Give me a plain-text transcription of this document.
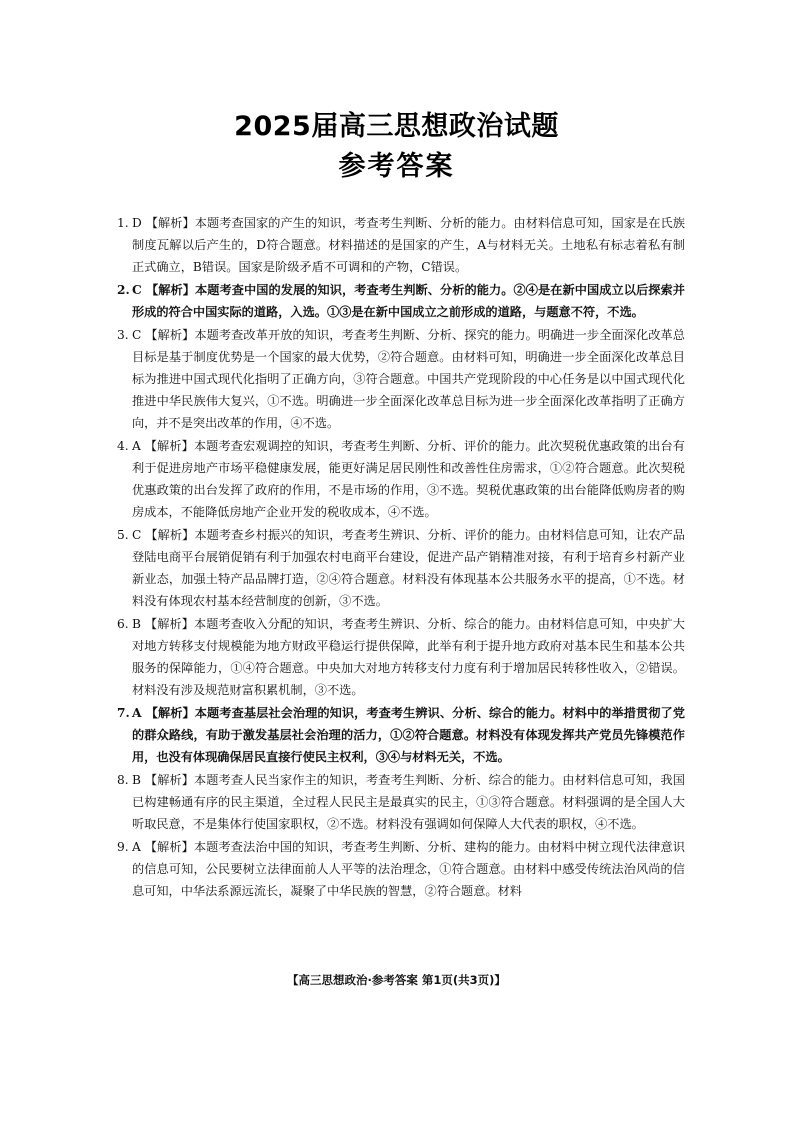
2025届高三思想政治试题
参考答案
1. D 【解析】本题考查国家的产生的知识，考查考生判断、分析的能力。由材料信息可知，国家是在氏族制度瓦解以后产生的，D符合题意。材料描述的是国家的产生，A与材料无关。土地私有标志着私有制正式确立，B错误。国家是阶级矛盾不可调和的产物，C错误。
2. C 【解析】本题考查中国的发展的知识，考查考生判断、分析的能力。②④是在新中国成立以后探索并形成的符合中国实际的道路，入选。①③是在新中国成立之前形成的道路，与题意不符，不选。
3. C 【解析】本题考查改革开放的知识，考查考生判断、分析、探究的能力。明确进一步全面深化改革总目标是基于制度优势是一个国家的最大优势，②符合题意。由材料可知，明确进一步全面深化改革总目标为推进中国式现代化指明了正确方向，③符合题意。中国共产党现阶段的中心任务是以中国式现代化推进中华民族伟大复兴，①不选。明确进一步全面深化改革总目标为进一步全面深化改革指明了正确方向，并不是突出改革的作用，④不选。
4. A 【解析】本题考查宏观调控的知识，考查考生判断、分析、评价的能力。此次契税优惠政策的出台有利于促进房地产市场平稳健康发展，能更好满足居民刚性和改善性住房需求，①②符合题意。此次契税优惠政策的出台发挥了政府的作用，不是市场的作用，③不选。契税优惠政策的出台能降低购房者的购房成本，不能降低房地产企业开发的税收成本，④不选。
5. C 【解析】本题考查乡村振兴的知识，考查考生辨识、分析、评价的能力。由材料信息可知，让农产品登陆电商平台展销促销有利于加强农村电商平台建设，促进产品产销精准对接，有利于培育乡村新产业新业态，加强土特产品品牌打造，②④符合题意。材料没有体现基本公共服务水平的提高，①不选。材料没有体现农村基本经营制度的创新，③不选。
6. B 【解析】本题考查收入分配的知识，考查考生辨识、分析、综合的能力。由材料信息可知，中央扩大对地方转移支付规模能为地方财政平稳运行提供保障，此举有利于提升地方政府对基本民生和基本公共服务的保障能力，①④符合题意。中央加大对地方转移支付力度有利于增加居民转移性收入，②错误。材料没有涉及规范财富积累机制，③不选。
7. A 【解析】本题考查基层社会治理的知识，考查考生辨识、分析、综合的能力。材料中的举措贯彻了党的群众路线，有助于激发基层社会治理的活力，①②符合题意。材料没有体现发挥共产党员先锋模范作用，也没有体现确保居民直接行使民主权利，③④与材料无关，不选。
8. B 【解析】本题考查人民当家作主的知识，考查考生判断、分析、综合的能力。由材料信息可知，我国已构建畅通有序的民主渠道，全过程人民民主是最真实的民主，①③符合题意。材料强调的是全国人大听取民意，不是集体行使国家职权，②不选。材料没有强调如何保障人大代表的职权，④不选。
9. A 【解析】本题考查法治中国的知识，考查考生判断、分析、建构的能力。由材料中树立现代法律意识的信息可知，公民要树立法律面前人人平等的法治理念，①符合题意。由材料中感受传统法治风尚的信息可知，中华法系源远流长，凝聚了中华民族的智慧，②符合题意。材料
【高三思想政治·参考答案 第1页(共3页)】
